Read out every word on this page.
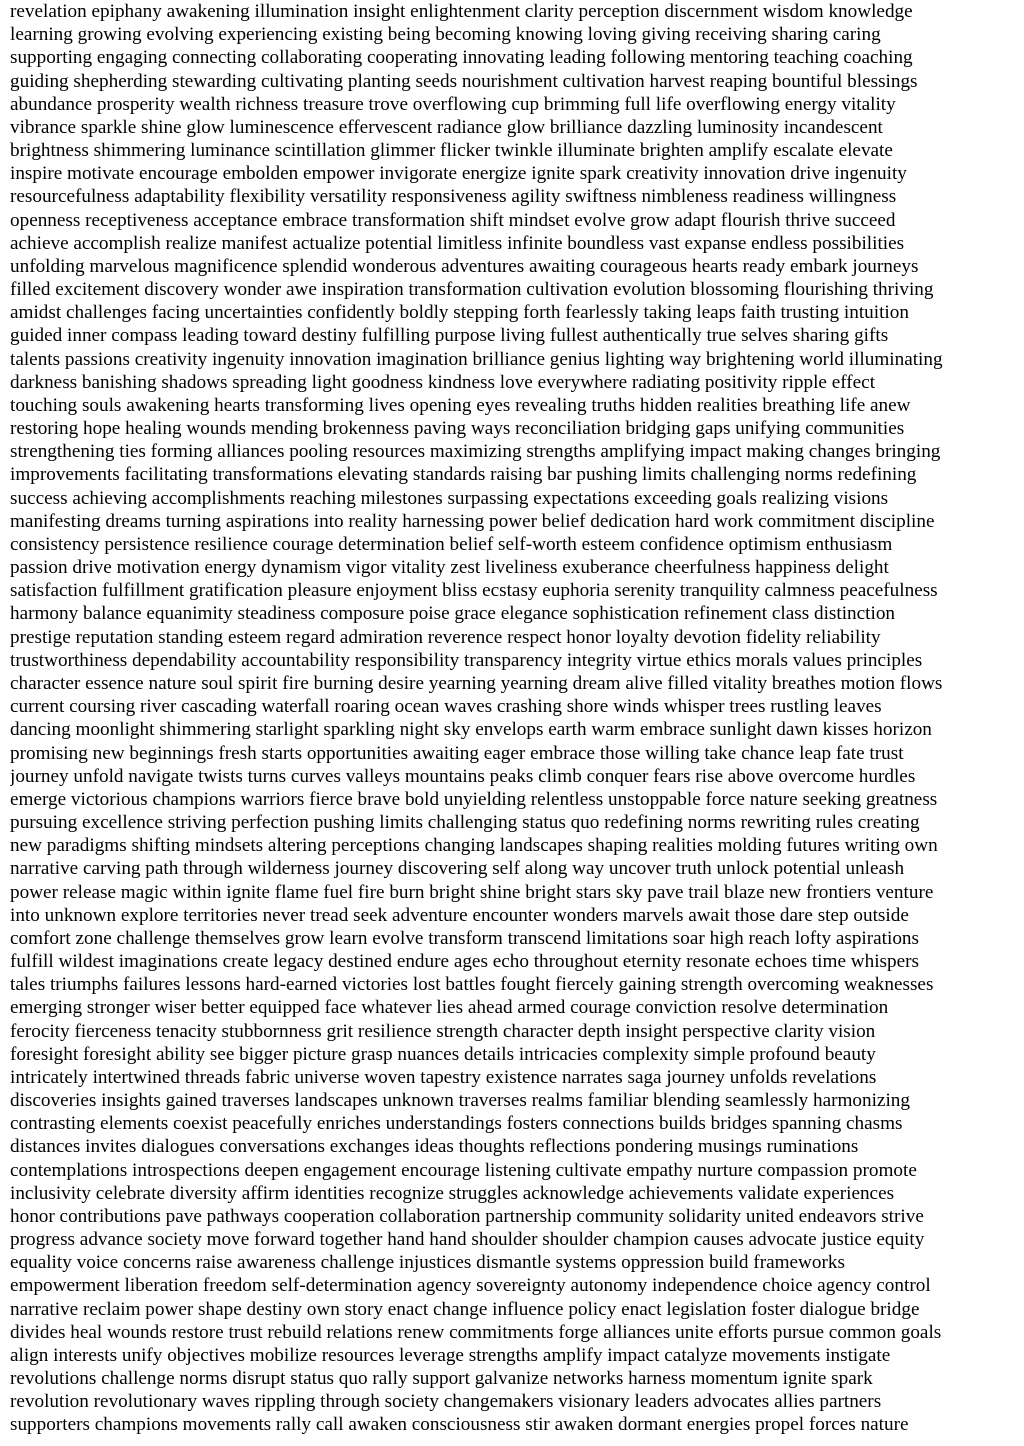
revelation epiphany awakening illumination insight enlightenment clarity perception discernment wisdom knowledge
learning growing evolving experiencing existing being becoming knowing loving giving receiving sharing caring
supporting engaging connecting collaborating cooperating innovating leading following mentoring teaching coaching
guiding shepherding stewarding cultivating planting seeds nourishment cultivation harvest reaping bountiful blessings
abundance prosperity wealth richness treasure trove overflowing cup brimming full life overflowing energy vitality
vibrance sparkle shine glow luminescence effervescent radiance glow brilliance dazzling luminosity incandescent
brightness shimmering luminance scintillation glimmer flicker twinkle illuminate brighten amplify escalate elevate
inspire motivate encourage embolden empower invigorate energize ignite spark creativity innovation drive ingenuity
resourcefulness adaptability flexibility versatility responsiveness agility swiftness nimbleness readiness willingness
openness receptiveness acceptance embrace transformation shift mindset evolve grow adapt flourish thrive succeed
achieve accomplish realize manifest actualize potential limitless infinite boundless vast expanse endless possibilities
unfolding marvelous magnificence splendid wonderous adventures awaiting courageous hearts ready embark journeys
filled excitement discovery wonder awe inspiration transformation cultivation evolution blossoming flourishing thriving
amidst challenges facing uncertainties confidently boldly stepping forth fearlessly taking leaps faith trusting intuition
guided inner compass leading toward destiny fulfilling purpose living fullest authentically true selves sharing gifts
talents passions creativity ingenuity innovation imagination brilliance genius lighting way brightening world illuminating
darkness banishing shadows spreading light goodness kindness love everywhere radiating positivity ripple effect
touching souls awakening hearts transforming lives opening eyes revealing truths hidden realities breathing life anew
restoring hope healing wounds mending brokenness paving ways reconciliation bridging gaps unifying communities
strengthening ties forming alliances pooling resources maximizing strengths amplifying impact making changes bringing
improvements facilitating transformations elevating standards raising bar pushing limits challenging norms redefining
success achieving accomplishments reaching milestones surpassing expectations exceeding goals realizing visions
manifesting dreams turning aspirations into reality harnessing power belief dedication hard work commitment discipline
consistency persistence resilience courage determination belief self-worth esteem confidence optimism enthusiasm
passion drive motivation energy dynamism vigor vitality zest liveliness exuberance cheerfulness happiness delight
satisfaction fulfillment gratification pleasure enjoyment bliss ecstasy euphoria serenity tranquility calmness peacefulness
harmony balance equanimity steadiness composure poise grace elegance sophistication refinement class distinction
prestige reputation standing esteem regard admiration reverence respect honor loyalty devotion fidelity reliability
trustworthiness dependability accountability responsibility transparency integrity virtue ethics morals values principles
character essence nature soul spirit fire burning desire yearning yearning dream alive filled vitality breathes motion flows
current coursing river cascading waterfall roaring ocean waves crashing shore winds whisper trees rustling leaves
dancing moonlight shimmering starlight sparkling night sky envelops earth warm embrace sunlight dawn kisses horizon
promising new beginnings fresh starts opportunities awaiting eager embrace those willing take chance leap fate trust
journey unfold navigate twists turns curves valleys mountains peaks climb conquer fears rise above overcome hurdles
emerge victorious champions warriors fierce brave bold unyielding relentless unstoppable force nature seeking greatness
pursuing excellence striving perfection pushing limits challenging status quo redefining norms rewriting rules creating
new paradigms shifting mindsets altering perceptions changing landscapes shaping realities molding futures writing own
narrative carving path through wilderness journey discovering self along way uncover truth unlock potential unleash
power release magic within ignite flame fuel fire burn bright shine bright stars sky pave trail blaze new frontiers venture
into unknown explore territories never tread seek adventure encounter wonders marvels await those dare step outside
comfort zone challenge themselves grow learn evolve transform transcend limitations soar high reach lofty aspirations
fulfill wildest imaginations create legacy destined endure ages echo throughout eternity resonate echoes time whispers
tales triumphs failures lessons hard-earned victories lost battles fought fiercely gaining strength overcoming weaknesses
emerging stronger wiser better equipped face whatever lies ahead armed courage conviction resolve determination
ferocity fierceness tenacity stubbornness grit resilience strength character depth insight perspective clarity vision
foresight foresight ability see bigger picture grasp nuances details intricacies complexity simple profound beauty
intricately intertwined threads fabric universe woven tapestry existence narrates saga journey unfolds revelations
discoveries insights gained traverses landscapes unknown traverses realms familiar blending seamlessly harmonizing
contrasting elements coexist peacefully enriches understandings fosters connections builds bridges spanning chasms
distances invites dialogues conversations exchanges ideas thoughts reflections pondering musings ruminations
contemplations introspections deepen engagement encourage listening cultivate empathy nurture compassion promote
inclusivity celebrate diversity affirm identities recognize struggles acknowledge achievements validate experiences
honor contributions pave pathways cooperation collaboration partnership community solidarity united endeavors strive
progress advance society move forward together hand hand shoulder shoulder champion causes advocate justice equity
equality voice concerns raise awareness challenge injustices dismantle systems oppression build frameworks
empowerment liberation freedom self-determination agency sovereignty autonomy independence choice agency control
narrative reclaim power shape destiny own story enact change influence policy enact legislation foster dialogue bridge
divides heal wounds restore trust rebuild relations renew commitments forge alliances unite efforts pursue common goals
align interests unify objectives mobilize resources leverage strengths amplify impact catalyze movements instigate
revolutions challenge norms disrupt status quo rally support galvanize networks harness momentum ignite spark
revolution revolutionary waves rippling through society changemakers visionary leaders advocates allies partners
supporters champions movements rally call awaken consciousness stir awaken dormant energies propel forces nature
